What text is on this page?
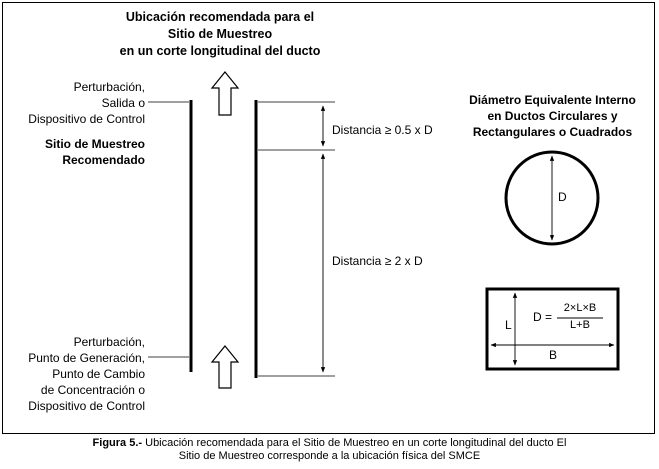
Ubicación recomendada para el
Sitio de Muestreo
en un corte longitudinal del ducto
Perturbación,
Salida o
Dispositivo de Control
Sitio de Muestreo
Recomendado
Perturbación,
Punto de Generación,
Punto de Cambio
de Concentración o
Dispositivo de Control
Distancia ≥ 0.5 x D
Distancia ≥ 2 x D
Diámetro Equivalente Interno
en Ductos Circulares y
Rectangulares o Cuadrados
D
L
B
D =
2×L×B
L+B
Figura 5.- Ubicación recomendada para el Sitio de Muestreo en un corte longitudinal del ducto El
Sitio de Muestreo corresponde a la ubicación física del SMCE
